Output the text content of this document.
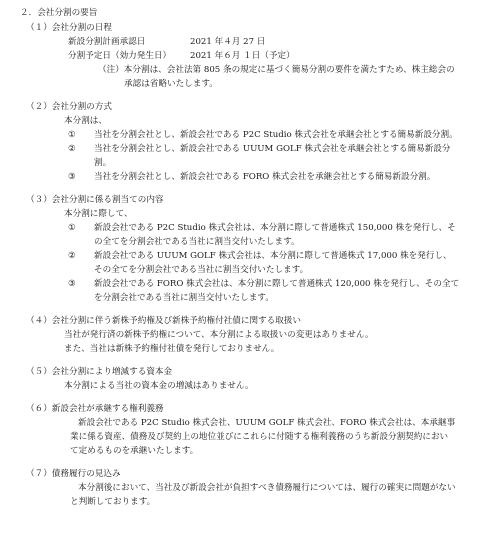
２．会社分割の要旨
（１）会社分割の日程
新設分割計画承認日	2021 年４月 27 日
分割予定日（効力発生日） 2021 年６月 １日（予定）
（注）本分割は、会社法第 805 条の規定に基づく簡易分割の要件を満たすため、株主総会の承認は省略いたします。
（２）会社分割の方式
本分割は、
①	当社を分割会社とし、新設会社である P2C Studio 株式会社を承継会社とする簡易新設分割。
②	当社を分割会社とし、新設会社である UUUM GOLF 株式会社を承継会社とする簡易新設分割。
③	当社を分割会社とし、新設会社である FORO 株式会社を承継会社とする簡易新設分割。
（３）会社分割に係る割当ての内容
本分割に際して、
①	新設会社である P2C Studio 株式会社は、本分割に際して普通株式 150,000 株を発行し、その全てを分割会社である当社に割当交付いたします。
②	新設会社である UUUM GOLF 株式会社は、本分割に際して普通株式 17,000 株を発行し、その全てを分割会社である当社に割当交付いたします。
③	新設会社である FORO 株式会社は、本分割に際して普通株式 120,000 株を発行し、その全てを分割会社である当社に割当交付いたします。
（４）会社分割に伴う新株予約権及び新株予約権付社債に関する取扱い
当社が発行済の新株予約権について、本分割による取扱いの変更はありません。
また、当社は新株予約権付社債を発行しておりません。
（５）会社分割により増減する資本金
本分割による当社の資本金の増減はありません。
（６）新設会社が承継する権利義務
新設会社である P2C Studio 株式会社、UUUM GOLF 株式会社、FORO 株式会社は、本承継事業に係る資産、債務及び契約上の地位並びにこれらに付随する権利義務のうち新設分割契約において定めるものを承継いたします。
（７）債務履行の見込み
本分割後において、当社及び新設会社が負担すべき債務履行については、履行の確実に問題がないと判断しております。
